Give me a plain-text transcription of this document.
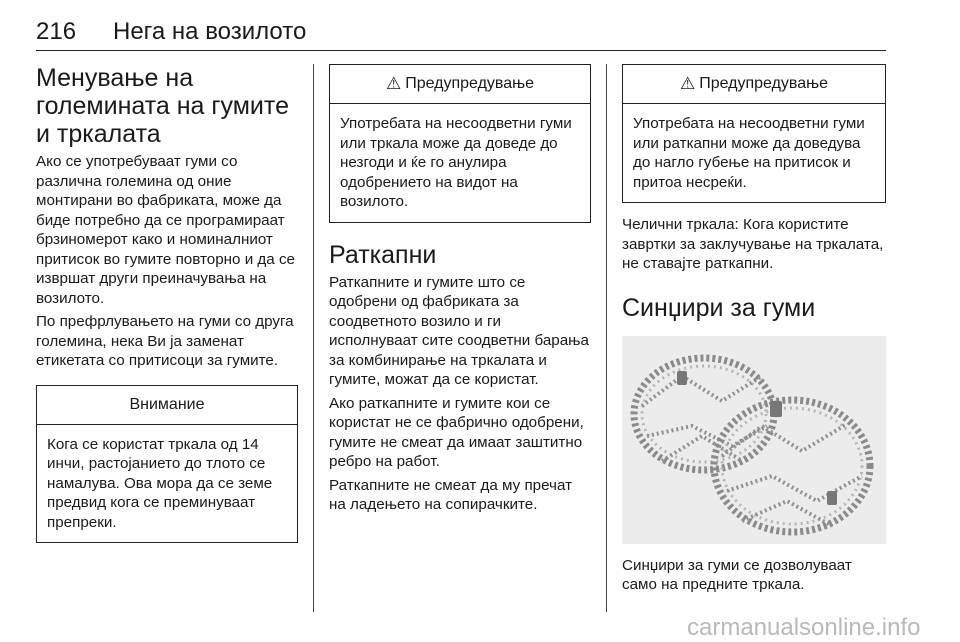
216 Нега на возилото
Менување на големината на гумите и тркалата

Ако се употребуваат гуми со различна големина од оние монтирани во фабриката, може да биде потребно да се програмираат брзиномерот како и номиналниот притисок во гумите повторно и да се извршат други преиначувања на возилото.

По префрлувањето на гуми со друга големина, нека Ви ја заменат етикетата со притисоци за гумите.

Внимание
Кога се користат тркала од 14 инчи, растојанието до тлото се намалува. Ова мора да се земе предвид кога се преминуваат препреки.
⚠ Предупредување
Употребата на несоодветни гуми или тркала може да доведе до незгоди и ќе го анулира одобрението на видот на возилото.
Раткапни

Раткапните и гумите што се одобрени од фабриката за соодветното возило и ги исполнуваат сите соодветни барања за комбинирање на тркалата и гумите, можат да се користат.

Ако раткапните и гумите кои се користат не се фабрично одобрени, гумите не смеат да имаат заштитно ребро на работ.

Раткапните не смеат да му пречат на ладењето на сопирачките.

⚠ Предупредување
Употребата на несоодветни гуми или раткапни може да доведува до нагло губење на притисок и притоа несреќи.

Челични тркала: Кога користите завртки за заклучување на тркалата, не ставајте раткапни.

Синџири за гуми

Синџири за гуми се дозволуваат само на предните тркала.

carmanualsonline.info
